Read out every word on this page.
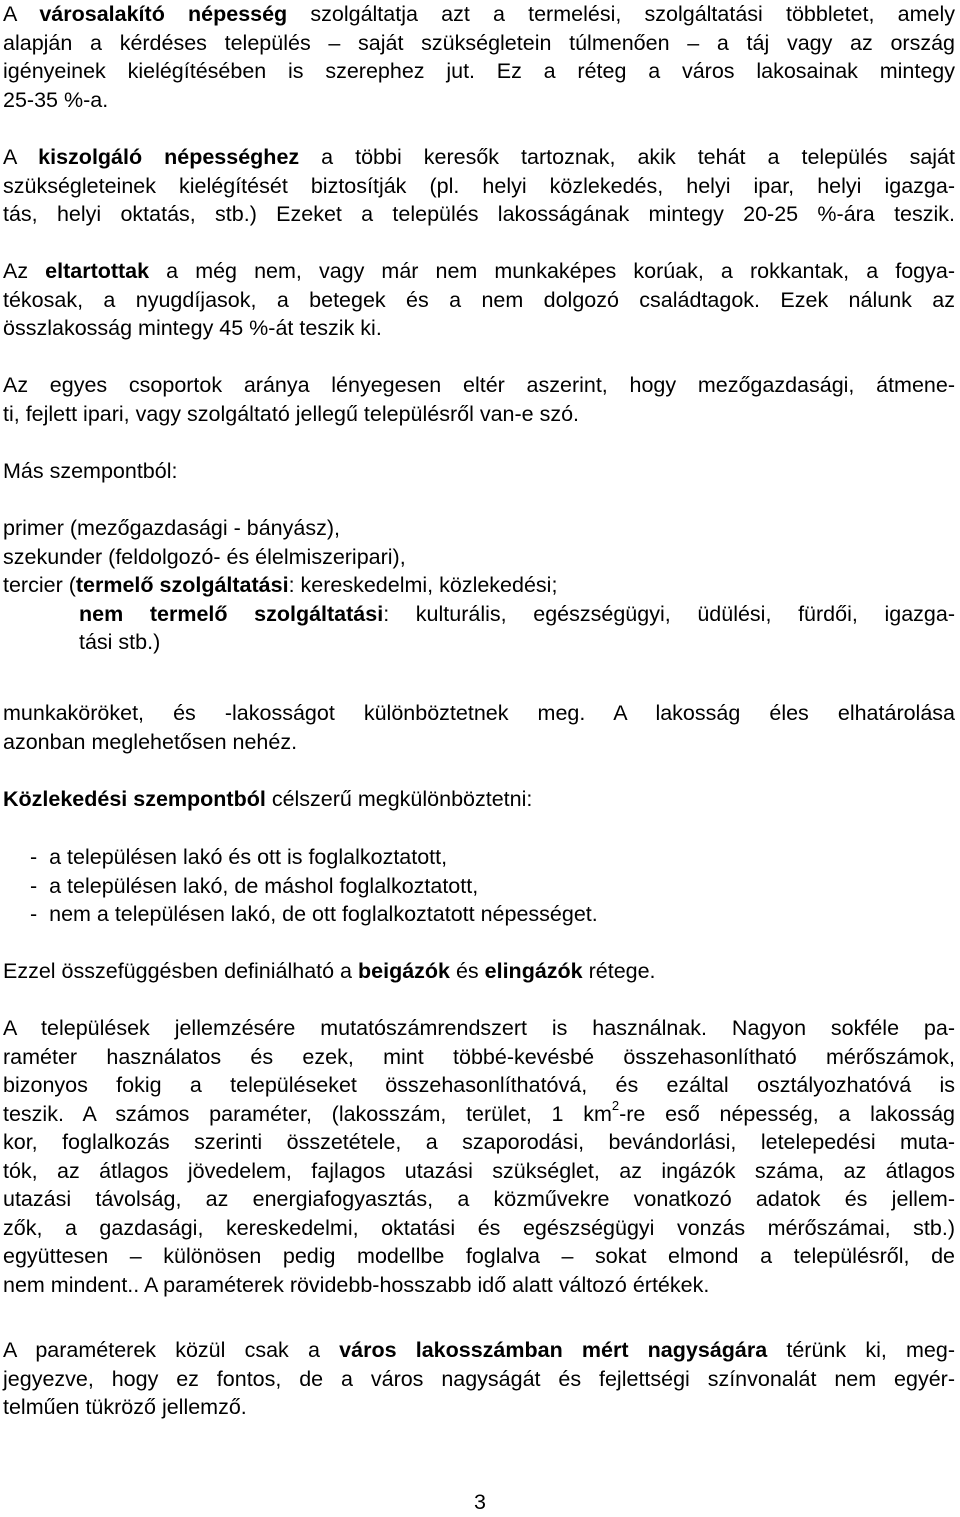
A városalakító népesség szolgáltatja azt a termelési, szolgáltatási többletet, amely
alapján a kérdéses település – saját szükségletein túlmenően – a táj vagy az ország
igényeinek kielégítésében is szerephez jut. Ez a réteg a város lakosainak mintegy
25-35 %-a.
A kiszolgáló népességhez a többi keresők tartoznak, akik tehát a település saját
szükségleteinek kielégítését biztosítják (pl. helyi közlekedés, helyi ipar, helyi igazga-
tás, helyi oktatás, stb.) Ezeket a település lakosságának mintegy 20-25 %-ára teszik.
Az eltartottak a még nem, vagy már nem munkaképes korúak, a rokkantak, a fogya-
tékosak, a nyugdíjasok, a betegek és a nem dolgozó családtagok. Ezek nálunk az
összlakosság mintegy 45 %-át teszik ki.
Az egyes csoportok aránya lényegesen eltér aszerint, hogy mezőgazdasági, átmene-
ti, fejlett ipari, vagy szolgáltató jellegű településről van-e szó.
Más szempontból:
primer (mezőgazdasági - bányász),
szekunder (feldolgozó- és élelmiszeripari),
tercier (termelő szolgáltatási: kereskedelmi, közlekedési;
nem termelő szolgáltatási: kulturális, egészségügyi, üdülési, fürdői, igazga-
tási stb.)
munkaköröket, és -lakosságot különböztetnek meg. A lakosság éles elhatárolása
azonban meglehetősen nehéz.
Közlekedési szempontból célszerű megkülönböztetni:
-  a településen lakó és ott is foglalkoztatott,
-  a településen lakó, de máshol foglalkoztatott,
-  nem a településen lakó, de ott foglalkoztatott népességet.
Ezzel összefüggésben definiálható a beigázók és elingázók rétege.
A települések jellemzésére mutatószámrendszert is használnak. Nagyon sokféle pa-
raméter használatos és ezek, mint többé-kevésbé összehasonlítható mérőszámok,
bizonyos fokig a településeket összehasonlíthatóvá, és ezáltal osztályozhatóvá is
teszik. A számos paraméter, (lakosszám, terület, 1 $km^2-re$ eső népesség, a lakosság
kor, foglalkozás szerinti összetétele, a szaporodási, bevándorlási, letelepedési muta-
tók, az átlagos jövedelem, fajlagos utazási szükséglet, az ingázók száma, az átlagos
utazási távolság, az energiafogyasztás, a közművekre vonatkozó adatok és jellem-
zők, a gazdasági, kereskedelmi, oktatási és egészségügyi vonzás mérőszámai, stb.)
együttesen – különösen pedig modellbe foglalva – sokat elmond a településről, de
nem mindent.. A paraméterek rövidebb-hosszabb idő alatt változó értékek.
A paraméterek közül csak a város lakosszámban mért nagyságára térünk ki, meg-
jegyezve, hogy ez fontos, de a város nagyságát és fejlettségi színvonalát nem egyér-
telműen tükröző jellemző.
3
